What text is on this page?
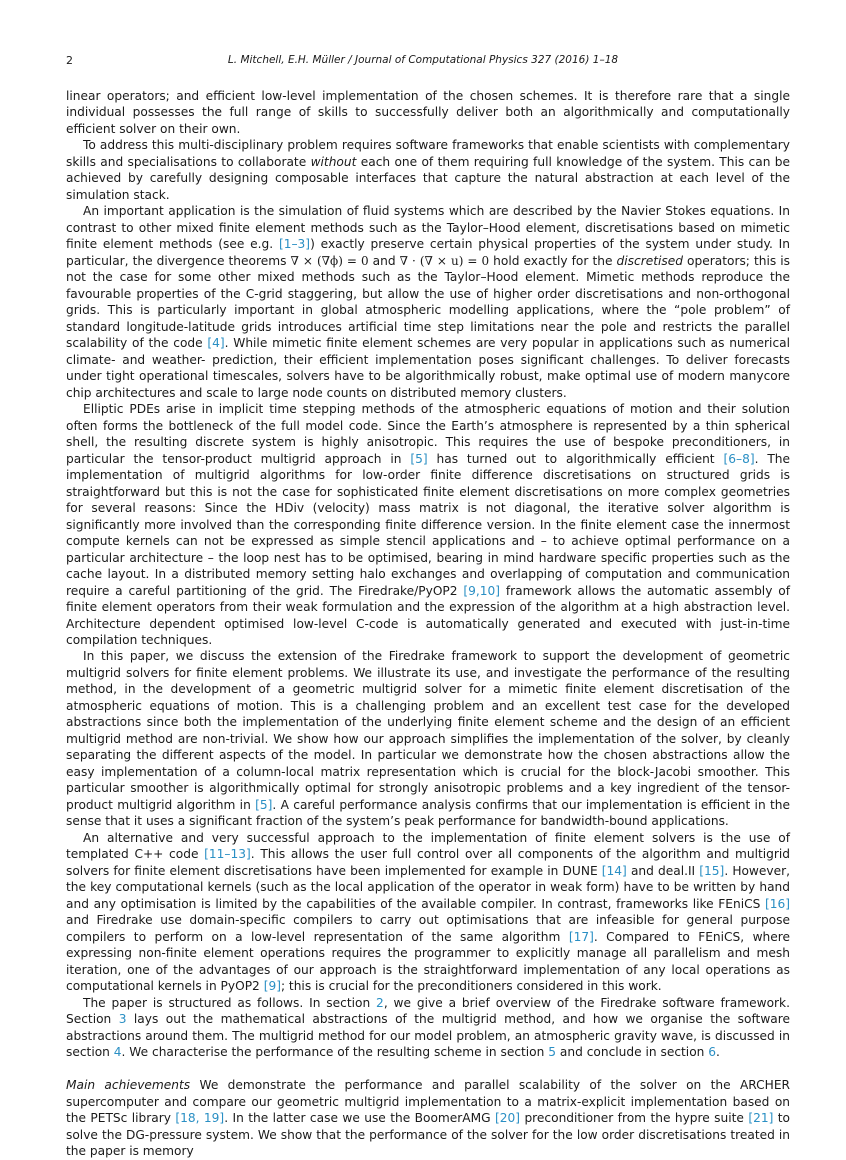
2	L. Mitchell, E.H. Müller / Journal of Computational Physics 327 (2016) 1–18

linear operators; and efficient low-level implementation of the chosen schemes. It is therefore rare that a single individual possesses the full range of skills to successfully deliver both an algorithmically and computationally efficient solver on their own.

To address this multi-disciplinary problem requires software frameworks that enable scientists with complementary skills and specialisations to collaborate without each one of them requiring full knowledge of the system. This can be achieved by carefully designing composable interfaces that capture the natural abstraction at each level of the simulation stack.

An important application is the simulation of fluid systems which are described by the Navier Stokes equations. In contrast to other mixed finite element methods such as the Taylor–Hood element, discretisations based on mimetic finite element methods (see e.g. [1–3]) exactly preserve certain physical properties of the system under study. In particular, the divergence theorems ∇ × (∇ϕ) = 0 and ∇ · (∇ × u) = 0 hold exactly for the discretised operators; this is not the case for some other mixed methods such as the Taylor–Hood element. Mimetic methods reproduce the favourable properties of the C-grid staggering, but allow the use of higher order discretisations and non-orthogonal grids. This is particularly important in global atmospheric modelling applications, where the “pole problem” of standard longitude-latitude grids introduces artificial time step limitations near the pole and restricts the parallel scalability of the code [4]. While mimetic finite element schemes are very popular in applications such as numerical climate- and weather- prediction, their efficient implementation poses significant challenges. To deliver forecasts under tight operational timescales, solvers have to be algorithmically robust, make optimal use of modern manycore chip architectures and scale to large node counts on distributed memory clusters.

Elliptic PDEs arise in implicit time stepping methods of the atmospheric equations of motion and their solution often forms the bottleneck of the full model code. Since the Earth’s atmosphere is represented by a thin spherical shell, the resulting discrete system is highly anisotropic. This requires the use of bespoke preconditioners, in particular the tensor-product multigrid approach in [5] has turned out to algorithmically efficient [6–8]. The implementation of multigrid algorithms for low-order finite difference discretisations on structured grids is straightforward but this is not the case for sophisticated finite element discretisations on more complex geometries for several reasons: Since the HDiv (velocity) mass matrix is not diagonal, the iterative solver algorithm is significantly more involved than the corresponding finite difference version. In the finite element case the innermost compute kernels can not be expressed as simple stencil applications and – to achieve optimal performance on a particular architecture – the loop nest has to be optimised, bearing in mind hardware specific properties such as the cache layout. In a distributed memory setting halo exchanges and overlapping of computation and communication require a careful partitioning of the grid. The Firedrake/PyOP2 [9,10] framework allows the automatic assembly of finite element operators from their weak formulation and the expression of the algorithm at a high abstraction level. Architecture dependent optimised low-level C-code is automatically generated and executed with just-in-time compilation techniques.

In this paper, we discuss the extension of the Firedrake framework to support the development of geometric multigrid solvers for finite element problems. We illustrate its use, and investigate the performance of the resulting method, in the development of a geometric multigrid solver for a mimetic finite element discretisation of the atmospheric equations of motion. This is a challenging problem and an excellent test case for the developed abstractions since both the implementation of the underlying finite element scheme and the design of an efficient multigrid method are non-trivial. We show how our approach simplifies the implementation of the solver, by cleanly separating the different aspects of the model. In particular we demonstrate how the chosen abstractions allow the easy implementation of a column-local matrix representation which is crucial for the block-Jacobi smoother. This particular smoother is algorithmically optimal for strongly anisotropic problems and a key ingredient of the tensor-product multigrid algorithm in [5]. A careful performance analysis confirms that our implementation is efficient in the sense that it uses a significant fraction of the system’s peak performance for bandwidth-bound applications.

An alternative and very successful approach to the implementation of finite element solvers is the use of templated C++ code [11–13]. This allows the user full control over all components of the algorithm and multigrid solvers for finite element discretisations have been implemented for example in DUNE [14] and deal.II [15]. However, the key computational kernels (such as the local application of the operator in weak form) have to be written by hand and any optimisation is limited by the capabilities of the available compiler. In contrast, frameworks like FEniCS [16] and Firedrake use domain-specific compilers to carry out optimisations that are infeasible for general purpose compilers to perform on a low-level representation of the same algorithm [17]. Compared to FEniCS, where expressing non-finite element operations requires the programmer to explicitly manage all parallelism and mesh iteration, one of the advantages of our approach is the straightforward implementation of any local operations as computational kernels in PyOP2 [9]; this is crucial for the preconditioners considered in this work.

The paper is structured as follows. In section 2, we give a brief overview of the Firedrake software framework. Section 3 lays out the mathematical abstractions of the multigrid method, and how we organise the software abstractions around them. The multigrid method for our model problem, an atmospheric gravity wave, is discussed in section 4. We characterise the performance of the resulting scheme in section 5 and conclude in section 6.

Main achievements We demonstrate the performance and parallel scalability of the solver on the ARCHER supercomputer and compare our geometric multigrid implementation to a matrix-explicit implementation based on the PETSc library [18, 19]. In the latter case we use the BoomerAMG [20] preconditioner from the hypre suite [21] to solve the DG-pressure system. We show that the performance of the solver for the low order discretisations treated in the paper is memory
